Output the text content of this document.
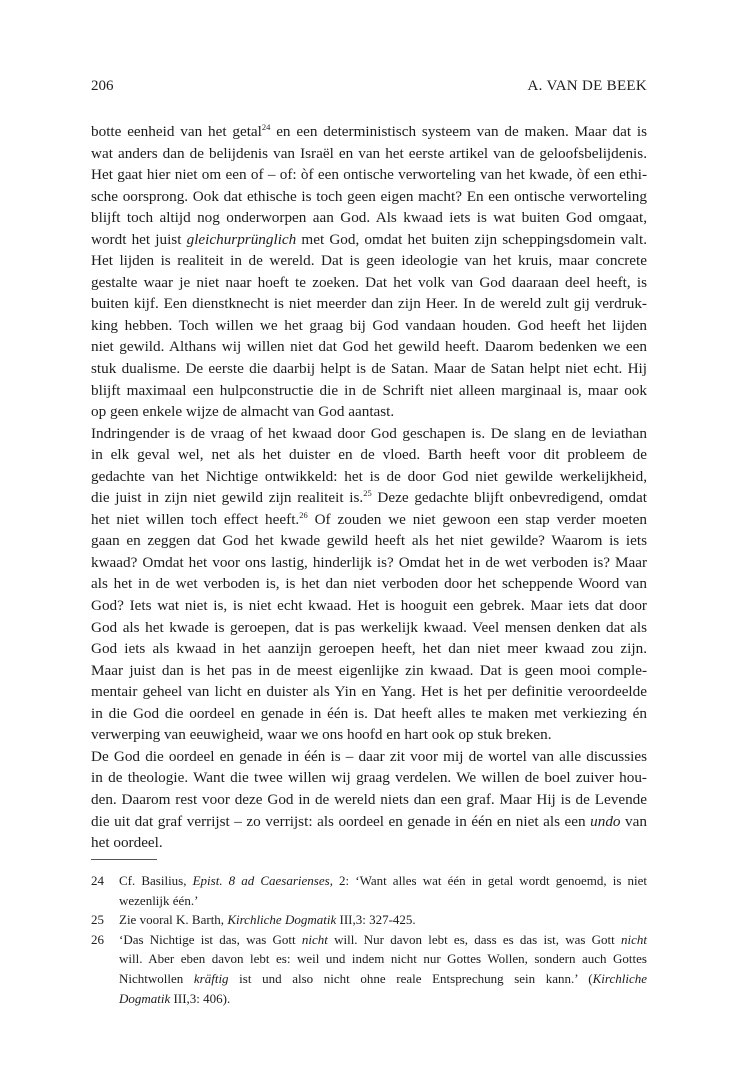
206	A. VAN DE BEEK
botte eenheid van het getal$^{24}$ en een deterministisch systeem van de maken. Maar dat is
wat anders dan de belijdenis van Israël en van het eerste artikel van de geloofsbelijdenis.
Het gaat hier niet om een of – of: òf een ontische verworteling van het kwade, òf een ethi-
sche oorsprong. Ook dat ethische is toch geen eigen macht? En een ontische verworteling
blijft toch altijd nog onderworpen aan God. Als kwaad iets is wat buiten God omgaat,
wordt het juist gleichurprünglich met God, omdat het buiten zijn scheppingsdomein valt.
Het lijden is realiteit in de wereld. Dat is geen ideologie van het kruis, maar concrete
gestalte waar je niet naar hoeft te zoeken. Dat het volk van God daaraan deel heeft, is
buiten kijf. Een dienstknecht is niet meerder dan zijn Heer. In de wereld zult gij verdruk-
king hebben. Toch willen we het graag bij God vandaan houden. God heeft het lijden
niet gewild. Althans wij willen niet dat God het gewild heeft. Daarom bedenken we een
stuk dualisme. De eerste die daarbij helpt is de Satan. Maar de Satan helpt niet echt. Hij
blijft maximaal een hulpconstructie die in de Schrift niet alleen marginaal is, maar ook
op geen enkele wijze de almacht van God aantast.
Indringender is de vraag of het kwaad door God geschapen is. De slang en de leviathan
in elk geval wel, net als het duister en de vloed. Barth heeft voor dit probleem de
gedachte van het Nichtige ontwikkeld: het is de door God niet gewilde werkelijkheid,
die juist in zijn niet gewild zijn realiteit is.$^{25}$ Deze gedachte blijft onbevredigend, omdat
het niet willen toch effect heeft.$^{26}$ Of zouden we niet gewoon een stap verder moeten
gaan en zeggen dat God het kwade gewild heeft als het niet gewilde? Waarom is iets
kwaad? Omdat het voor ons lastig, hinderlijk is? Omdat het in de wet verboden is? Maar
als het in de wet verboden is, is het dan niet verboden door het scheppende Woord van
God? Iets wat niet is, is niet echt kwaad. Het is hooguit een gebrek. Maar iets dat door
God als het kwade is geroepen, dat is pas werkelijk kwaad. Veel mensen denken dat als
God iets als kwaad in het aanzijn geroepen heeft, het dan niet meer kwaad zou zijn.
Maar juist dan is het pas in de meest eigenlijke zin kwaad. Dat is geen mooi comple-
mentair geheel van licht en duister als Yin en Yang. Het is het per definitie veroordeelde
in die God die oordeel en genade in één is. Dat heeft alles te maken met verkiezing én
verwerping van eeuwigheid, waar we ons hoofd en hart ook op stuk breken.
De God die oordeel en genade in één is – daar zit voor mij de wortel van alle discussies
in de theologie. Want die twee willen wij graag verdelen. We willen de boel zuiver hou-
den. Daarom rest voor deze God in de wereld niets dan een graf. Maar Hij is de Levende
die uit dat graf verrijst – zo verrijst: als oordeel en genade in één en niet als een undo van
het oordeel.
24 Cf. Basilius, Epist. 8 ad Caesarienses, 2: ‘Want alles wat één in getal wordt genoemd, is niet
wezenlijk één.’
25 Zie vooral K. Barth, Kirchliche Dogmatik III,3: 327-425.
26 ‘Das Nichtige ist das, was Gott nicht will. Nur davon lebt es, dass es das ist, was Gott nicht
will. Aber eben davon lebt es: weil und indem nicht nur Gottes Wollen, sondern auch Gottes
Nichtwollen kräftig ist und also nicht ohne reale Entsprechung sein kann.’ (Kirchliche
Dogmatik III,3: 406).
